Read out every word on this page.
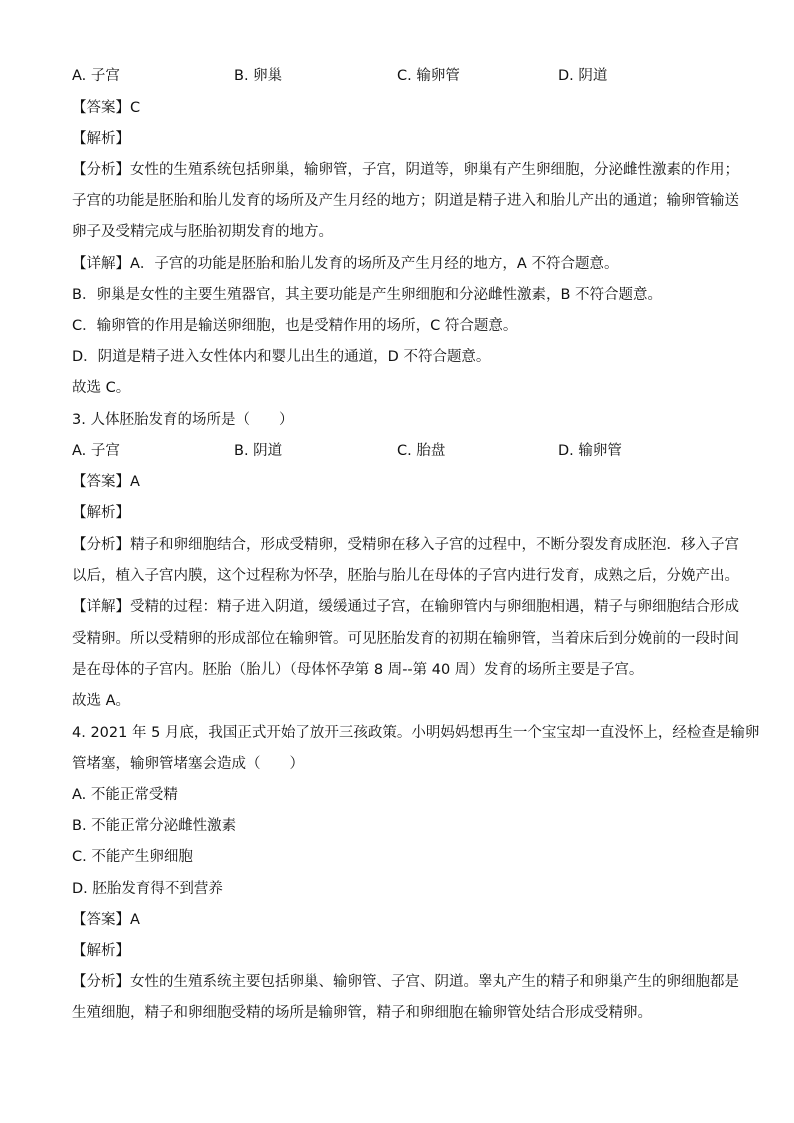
A. 子宫	B. 卵巢	C. 输卵管	D. 阴道
【答案】C
【解析】
【分析】女性的生殖系统包括卵巢，输卵管，子宫，阴道等，卵巢有产生卵细胞，分泌雌性激素的作用；
子宫的功能是胚胎和胎儿发育的场所及产生月经的地方；阴道是精子进入和胎儿产出的通道；输卵管输送
卵子及受精完成与胚胎初期发育的地方。
【详解】A．子宫的功能是胚胎和胎儿发育的场所及产生月经的地方，A 不符合题意。
B．卵巢是女性的主要生殖器官，其主要功能是产生卵细胞和分泌雌性激素，B 不符合题意。
C．输卵管的作用是输送卵细胞，也是受精作用的场所，C 符合题意。
D．阴道是精子进入女性体内和婴儿出生的通道，D 不符合题意。
故选 C。
3. 人体胚胎发育的场所是（　　）
A. 子宫	B. 阴道	C. 胎盘	D. 输卵管
【答案】A
【解析】
【分析】精子和卵细胞结合，形成受精卵，受精卵在移入子宫的过程中，不断分裂发育成胚泡．移入子宫
以后，植入子宫内膜，这个过程称为怀孕，胚胎与胎儿在母体的子宫内进行发育，成熟之后，分娩产出。
【详解】受精的过程：精子进入阴道，缓缓通过子宫，在输卵管内与卵细胞相遇，精子与卵细胞结合形成
受精卵。所以受精卵的形成部位在输卵管。可见胚胎发育的初期在输卵管，当着床后到分娩前的一段时间
是在母体的子宫内。胚胎（胎儿）（母体怀孕第 8 周--第 40 周）发育的场所主要是子宫。
故选 A。
4. 2021 年 5 月底，我国正式开始了放开三孩政策。小明妈妈想再生一个宝宝却一直没怀上，经检查是输卵
管堵塞，输卵管堵塞会造成（　　）
A. 不能正常受精
B. 不能正常分泌雌性激素
C. 不能产生卵细胞
D. 胚胎发育得不到营养
【答案】A
【解析】
【分析】女性的生殖系统主要包括卵巢、输卵管、子宫、阴道。睾丸产生的精子和卵巢产生的卵细胞都是
生殖细胞，精子和卵细胞受精的场所是输卵管，精子和卵细胞在输卵管处结合形成受精卵。
